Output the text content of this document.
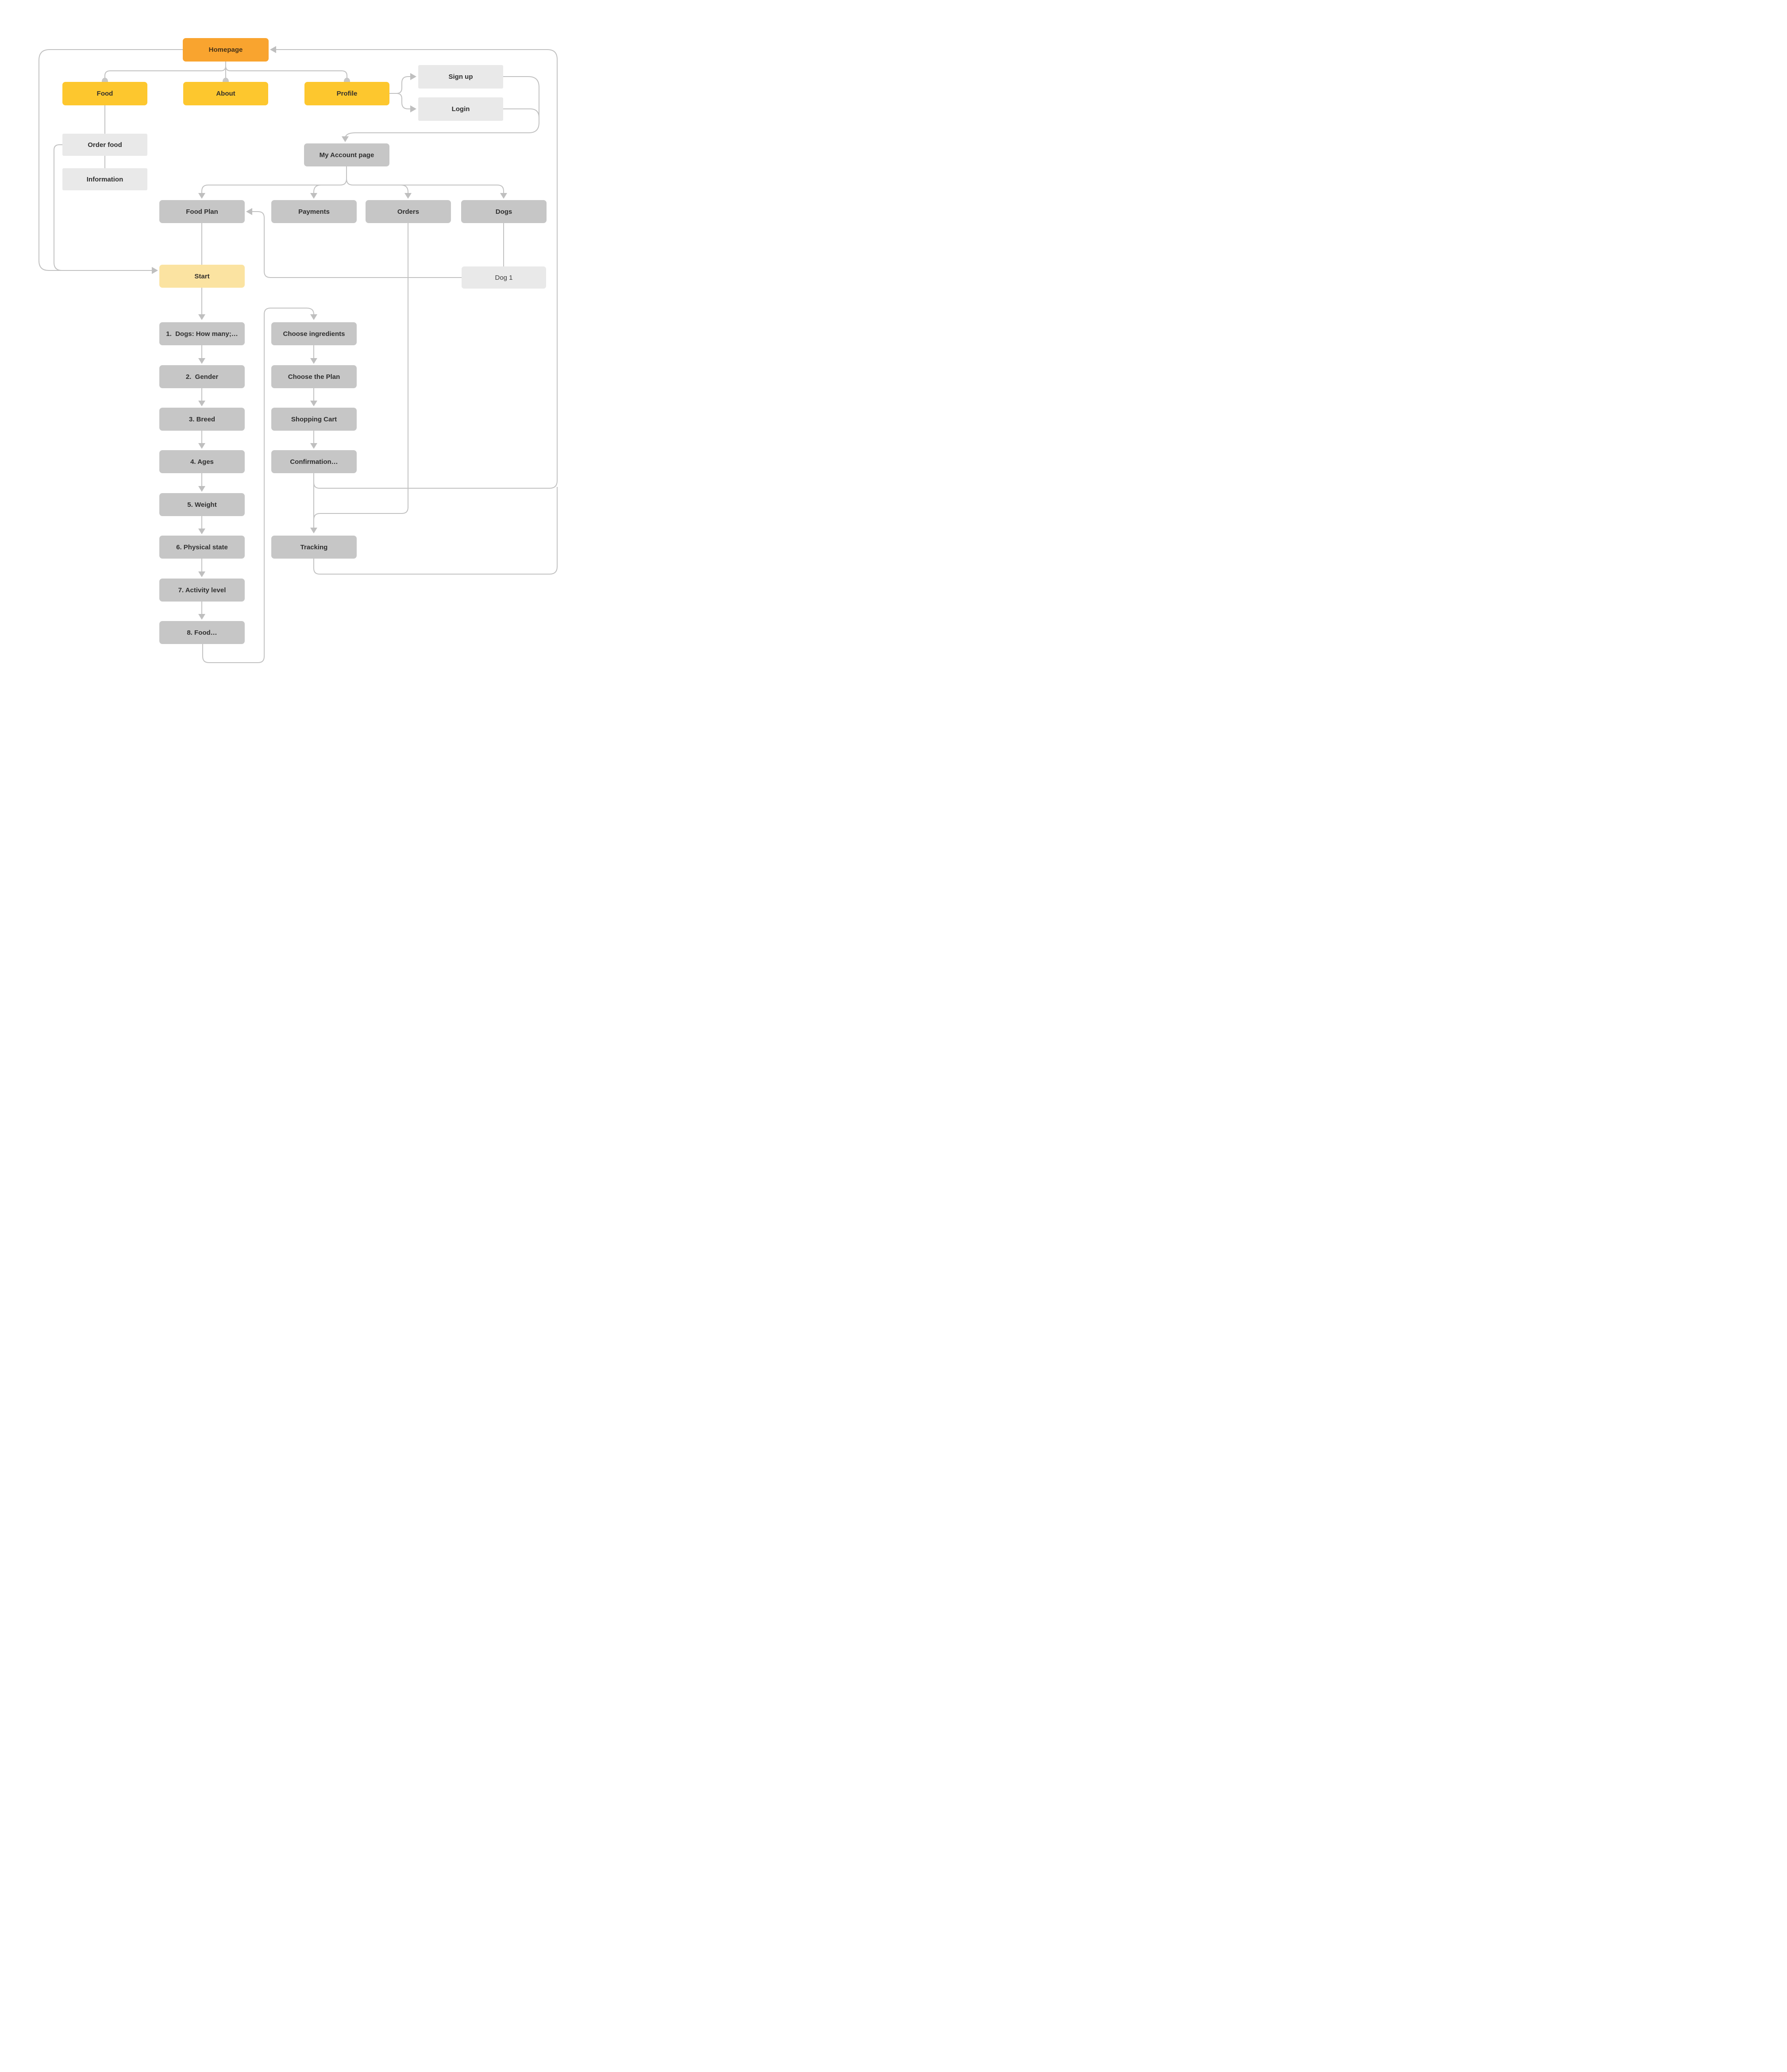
Homepage
Food	About	Profile
Sign up
Login
Order food
Information
My Account page
Food Plan	Payments	Orders	Dogs
Start	Dog 1
1.  Dogs: How many;…
2.  Gender
3. Breed
4. Ages
5. Weight
6. Physical state
7. Activity level
8. Food…
Choose ingredients
Choose the Plan
Shopping Cart
Confirmation…
Tracking
